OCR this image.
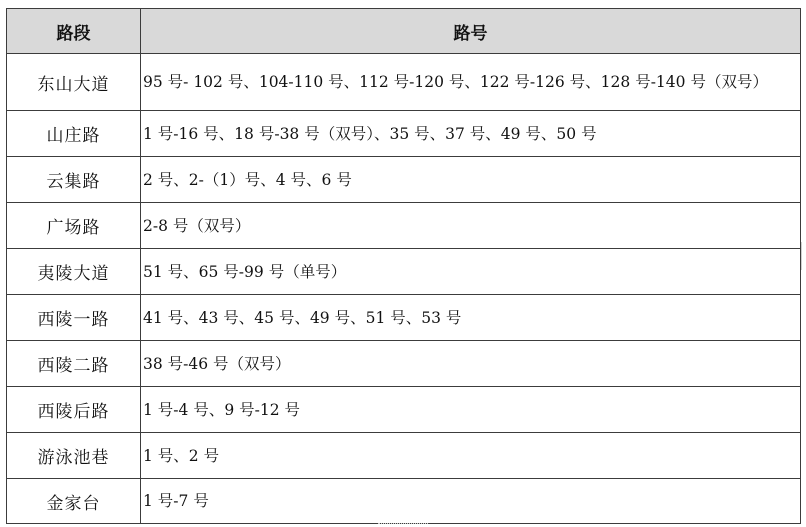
路段	路号
东山大道	95 号- 102 号、104-110 号、112 号-120 号、122 号-126 号、128 号-140 号（双号）
山庄路	1 号-16 号、18 号-38 号（双号）、35 号、37 号、49 号、50 号
云集路	2 号、2-（1）号、4 号、6 号
广场路	2-8 号（双号）
夷陵大道	51 号、65 号-99 号（单号）
西陵一路	41 号、43 号、45 号、49 号、51 号、53 号
西陵二路	38 号-46 号（双号）
西陵后路	1 号-4 号、9 号-12 号
游泳池巷	1 号、2 号
金家台	1 号-7 号
